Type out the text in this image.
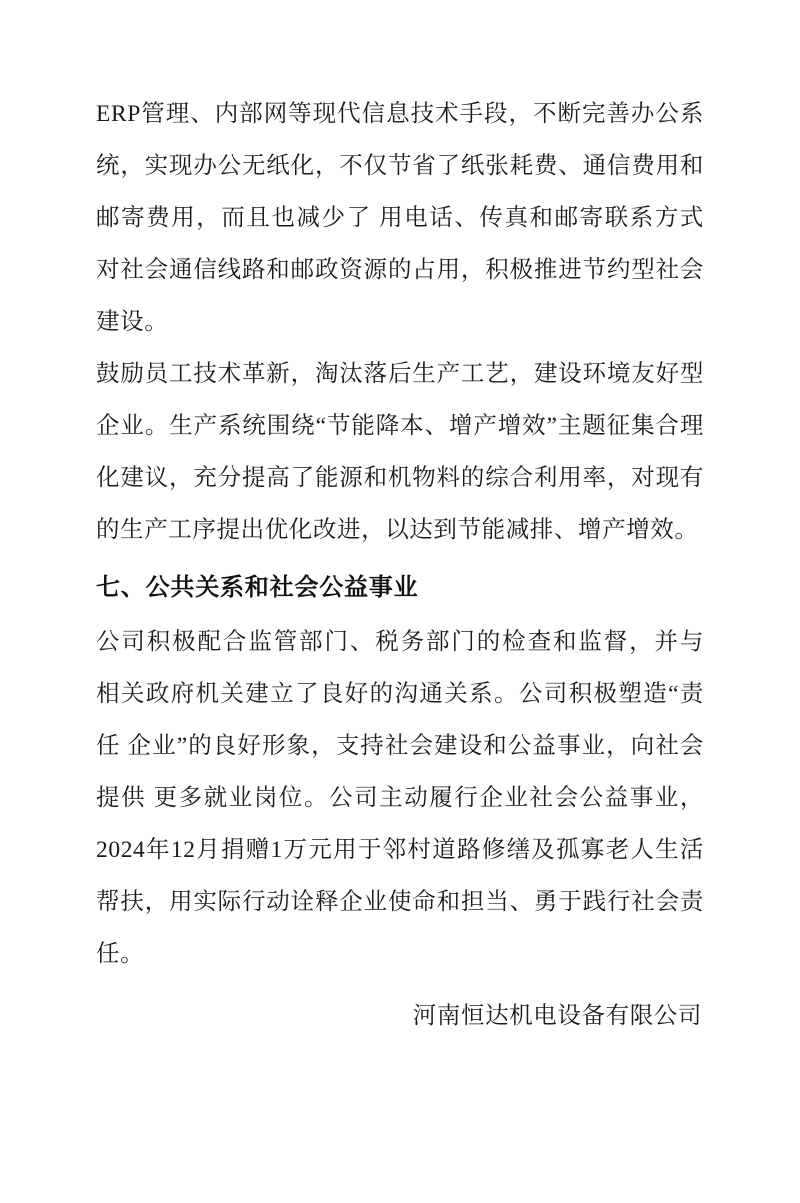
ERP管理、内部网等现代信息技术手段，不断完善办公系统，实现办公无纸化，不仅节省了纸张耗费、通信费用和邮寄费用，而且也减少了 用电话、传真和邮寄联系方式对社会通信线路和邮政资源的占用，积极推进节约型社会建设。

鼓励员工技术革新，淘汰落后生产工艺，建设环境友好型企业。生产系统围绕“节能降本、增产增效”主题征集合理化建议，充分提高了能源和机物料的综合利用率，对现有的生产工序提出优化改进，以达到节能减排、增产增效。

七、公共关系和社会公益事业

公司积极配合监管部门、税务部门的检查和监督，并与 相关政府机关建立了良好的沟通关系。公司积极塑造“责任 企业”的良好形象，支持社会建设和公益事业，向社会提供 更多就业岗位。公司主动履行企业社会公益事业，2024年12月捐赠1万元用于邻村道路修缮及孤寡老人生活帮扶，用实际行动诠释企业使命和担当、勇于践行社会责任。

河南恒达机电设备有限公司
